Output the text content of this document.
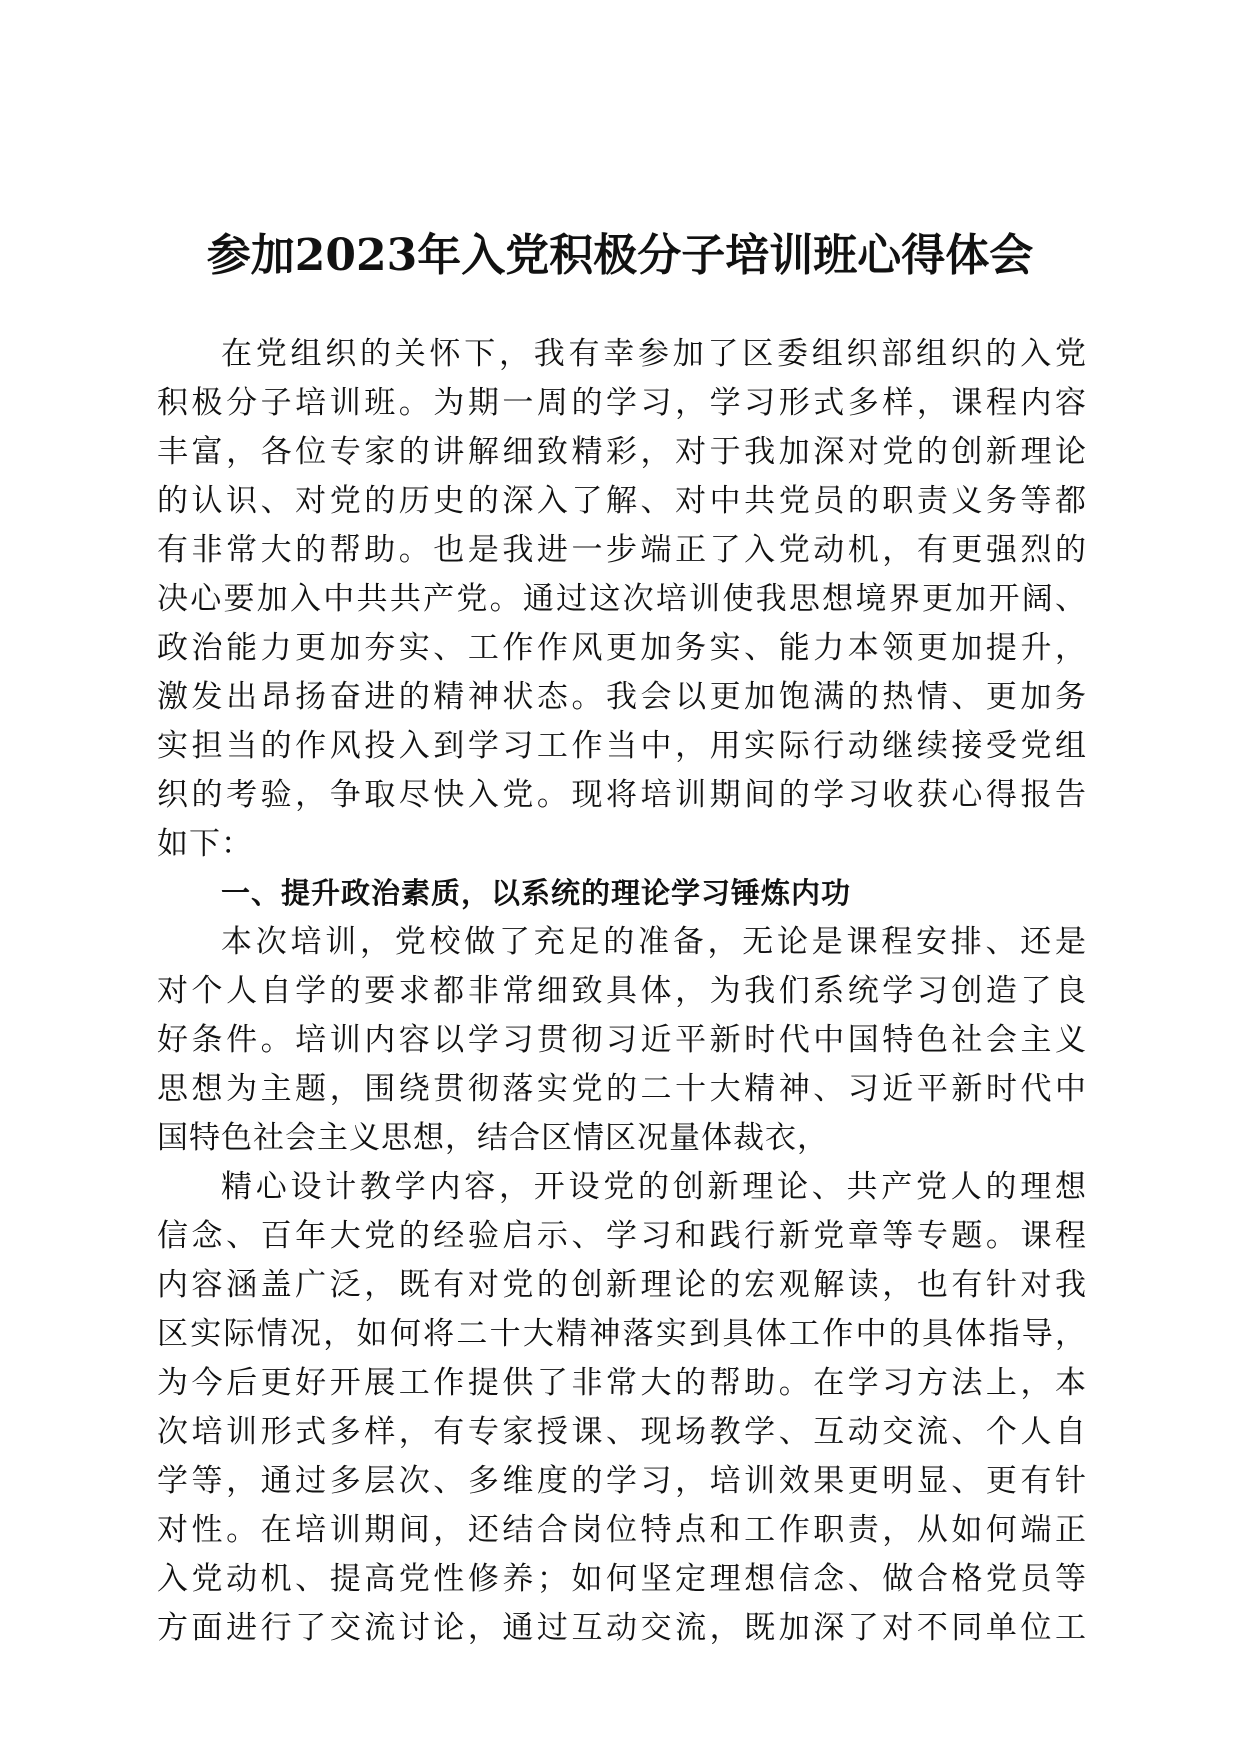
参加2023年入党积极分子培训班心得体会
在党组织的关怀下，我有幸参加了区委组织部组织的入党
积极分子培训班。为期一周的学习，学习形式多样，课程内容
丰富，各位专家的讲解细致精彩，对于我加深对党的创新理论
的认识、对党的历史的深入了解、对中共党员的职责义务等都
有非常大的帮助。也是我进一步端正了入党动机，有更强烈的
决心要加入中共共产党。通过这次培训使我思想境界更加开阔、
政治能力更加夯实、工作作风更加务实、能力本领更加提升，
激发出昂扬奋进的精神状态。我会以更加饱满的热情、更加务
实担当的作风投入到学习工作当中，用实际行动继续接受党组
织的考验，争取尽快入党。现将培训期间的学习收获心得报告
如下：
一、提升政治素质，以系统的理论学习锤炼内功
本次培训，党校做了充足的准备，无论是课程安排、还是
对个人自学的要求都非常细致具体，为我们系统学习创造了良
好条件。培训内容以学习贯彻习近平新时代中国特色社会主义
思想为主题，围绕贯彻落实党的二十大精神、习近平新时代中
国特色社会主义思想，结合区情区况量体裁衣，
精心设计教学内容，开设党的创新理论、共产党人的理想
信念、百年大党的经验启示、学习和践行新党章等专题。课程
内容涵盖广泛，既有对党的创新理论的宏观解读，也有针对我
区实际情况，如何将二十大精神落实到具体工作中的具体指导，
为今后更好开展工作提供了非常大的帮助。在学习方法上，本
次培训形式多样，有专家授课、现场教学、互动交流、个人自
学等，通过多层次、多维度的学习，培训效果更明显、更有针
对性。在培训期间，还结合岗位特点和工作职责，从如何端正
入党动机、提高党性修养；如何坚定理想信念、做合格党员等
方面进行了交流讨论，通过互动交流，既加深了对不同单位工
